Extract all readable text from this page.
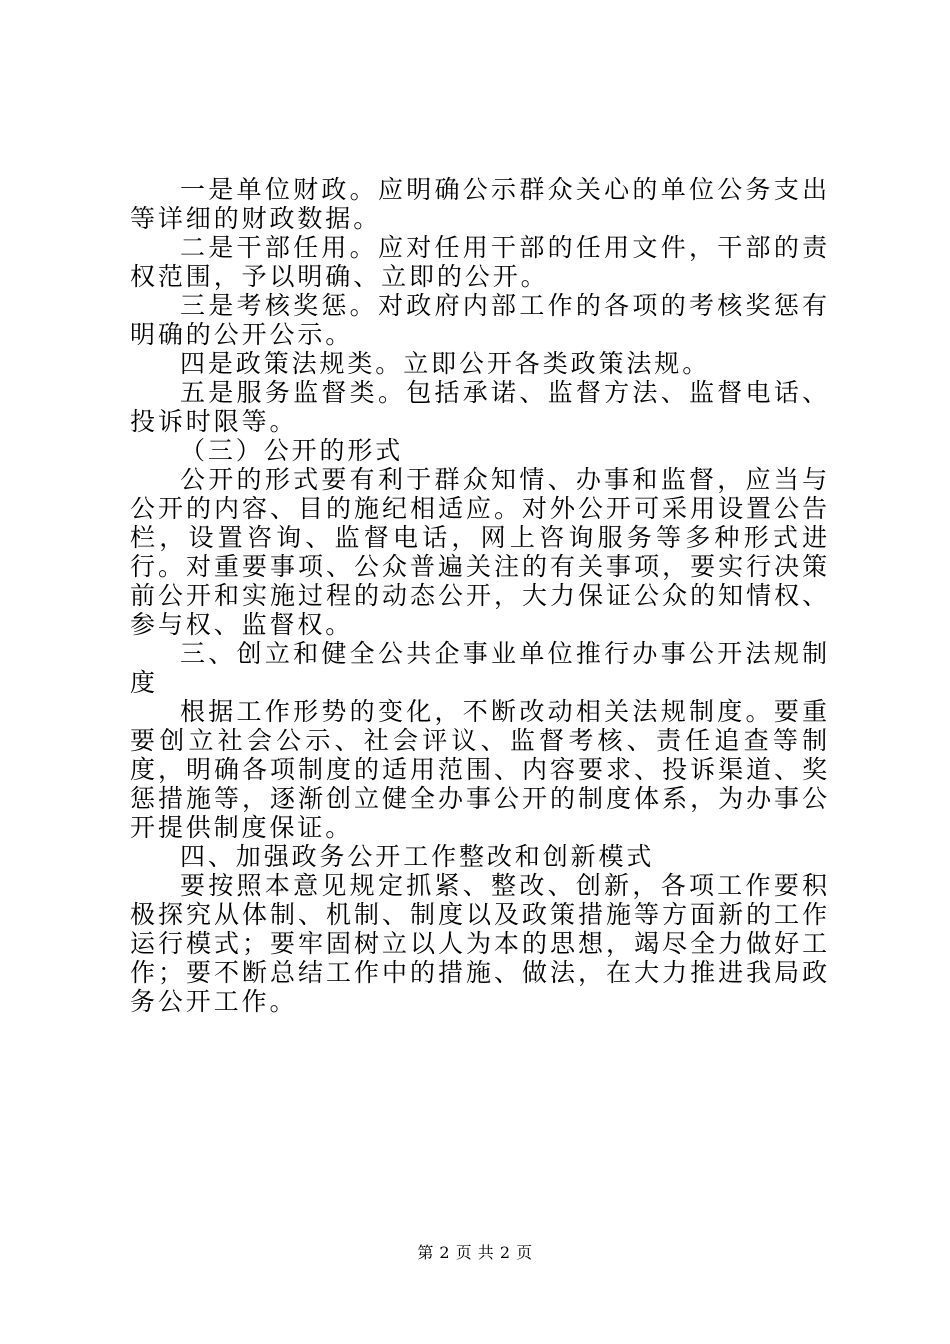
一是单位财政。应明确公示群众关心的单位公务支出等详细的财政数据。

二是干部任用。应对任用干部的任用文件，干部的责权范围，予以明确、立即的公开。

三是考核奖惩。对政府内部工作的各项的考核奖惩有明确的公开公示。

四是政策法规类。立即公开各类政策法规。

五是服务监督类。包括承诺、监督方法、监督电话、投诉时限等。

（三）公开的形式

公开的形式要有利于群众知情、办事和监督，应当与公开的内容、目的施纪相适应。对外公开可采用设置公告栏，设置咨询、监督电话，网上咨询服务等多种形式进行。对重要事项、公众普遍关注的有关事项，要实行决策前公开和实施过程的动态公开，大力保证公众的知情权、参与权、监督权。

三、创立和健全公共企事业单位推行办事公开法规制度

根据工作形势的变化，不断改动相关法规制度。要重要创立社会公示、社会评议、监督考核、责任追查等制度，明确各项制度的适用范围、内容要求、投诉渠道、奖惩措施等，逐渐创立健全办事公开的制度体系，为办事公开提供制度保证。

四、加强政务公开工作整改和创新模式

要按照本意见规定抓紧、整改、创新，各项工作要积极探究从体制、机制、制度以及政策措施等方面新的工作运行模式；要牢固树立以人为本的思想，竭尽全力做好工作；要不断总结工作中的措施、做法，在大力推进我局政务公开工作。

第 2 页 共 2 页
